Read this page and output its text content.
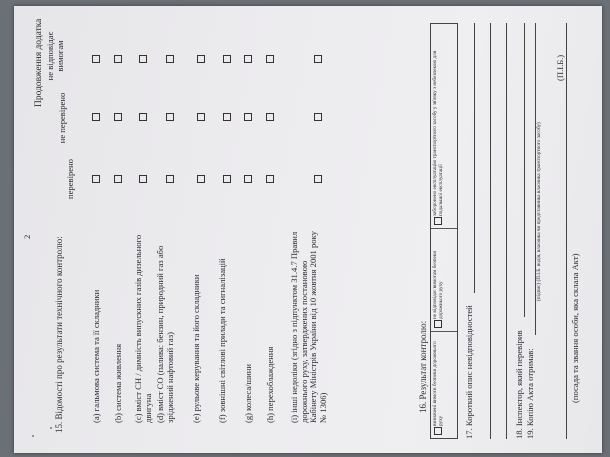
2
Продовження додатка
15. Відомості про результати технічного контролю:
перевірено
не перевірено
не відповідає вимогам
(а) гальмова система та її складники (b) система живлення (c) вміст СН / димність випускних газів дизельного двигуна (d) вміст CO (палива: бензин, природний газ або зріджений нафтовий газ) (e) рульове керування та його складники (f) зовнішні світлові прилади та сигналізацій (g) колеса/шини (h) перехоблаждення (i) інші недоліки (згідно з підпунктом 31.4.7 Правил дорожнього руху, затверджених постановою Кабінету Міністрів України від 10 жовтня 2001 року № 1306)	16. Результат контролю: визначені вимоги безпеки дорожнього руху
не відповідає вимогам безпеки дорожнього руху
заборонено експлуатацію транспортного засобу у зв'язку з небезпекою для подальшої експлуатації
17. Короткий опис невідповідностей	18. Інспектор, який перевірив 19. Копію Акта отримав:
(підпис) (П.І.Б. водія, власника чи представника власника транспортного засобу)
(П.І.Б.)
(посада та звання особи, яка склала Акт)
